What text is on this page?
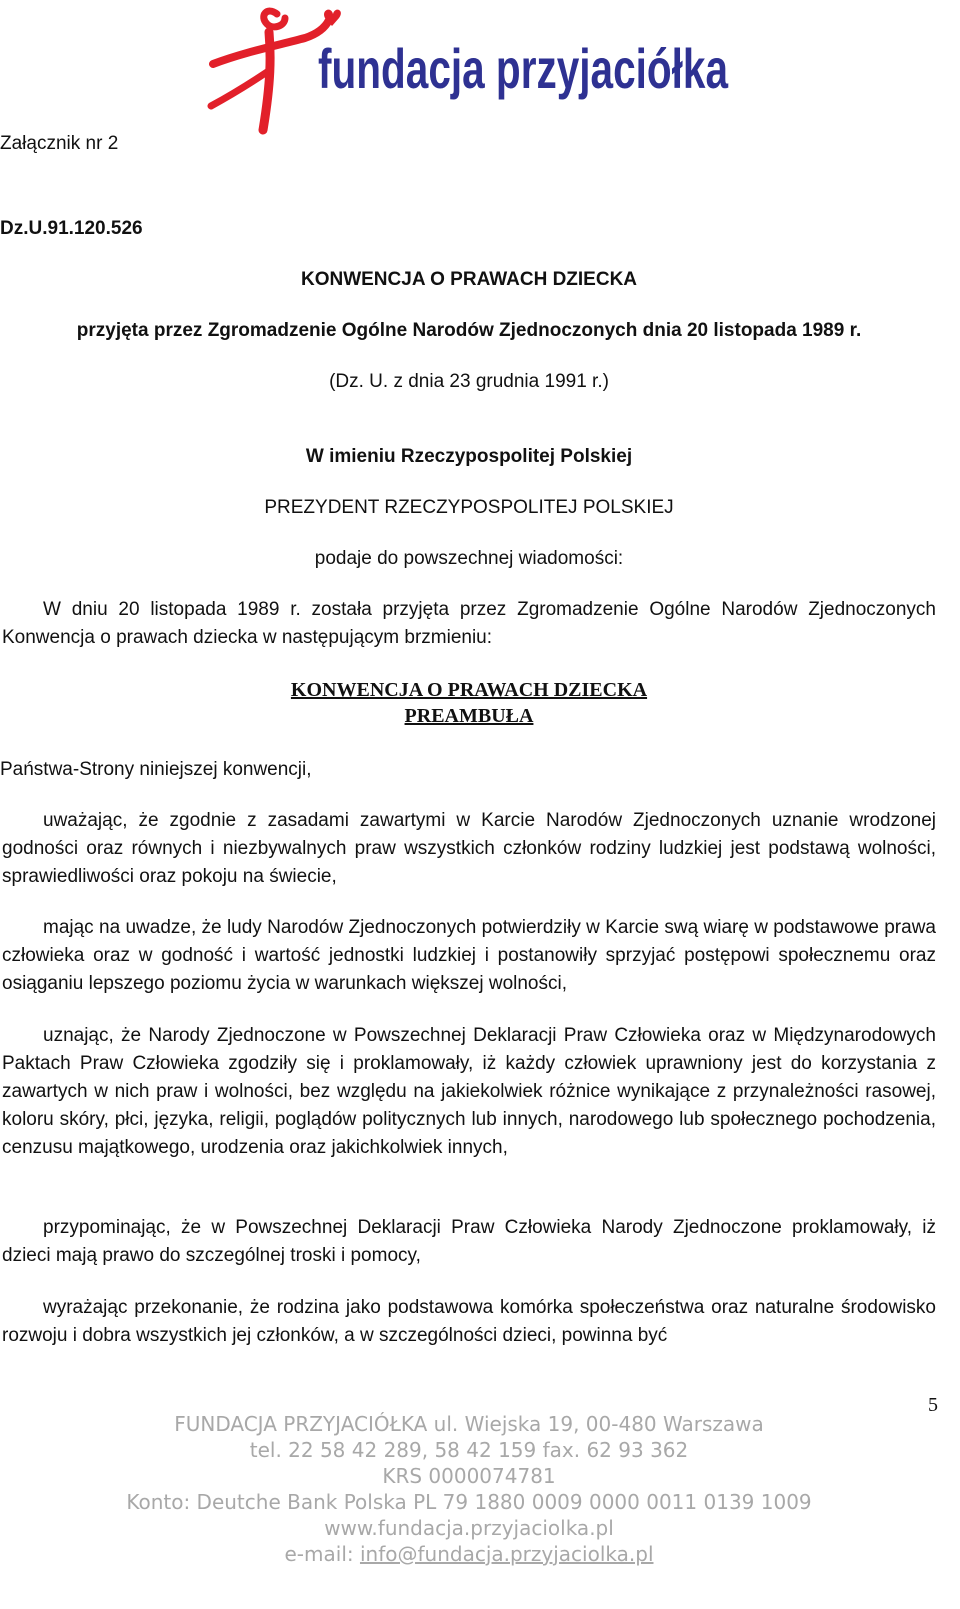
fundacja przyjaciółka
Załącznik nr 2
Dz.U.91.120.526
KONWENCJA O PRAWACH DZIECKA
przyjęta przez Zgromadzenie Ogólne Narodów Zjednoczonych dnia 20 listopada 1989 r.
(Dz. U. z dnia 23 grudnia 1991 r.)
W imieniu Rzeczypospolitej Polskiej
PREZYDENT RZECZYPOSPOLITEJ POLSKIEJ
podaje do powszechnej wiadomości:
W dniu 20 listopada 1989 r. została przyjęta przez Zgromadzenie Ogólne Narodów Zjednoczonych Konwencja o prawach dziecka w następującym brzmieniu:
KONWENCJA O PRAWACH DZIECKA
PREAMBUŁA
Państwa-Strony niniejszej konwencji,
uważając, że zgodnie z zasadami zawartymi w Karcie Narodów Zjednoczonych uznanie wrodzonej godności oraz równych i niezbywalnych praw wszystkich członków rodziny ludzkiej jest podstawą wolności, sprawiedliwości oraz pokoju na świecie,
mając na uwadze, że ludy Narodów Zjednoczonych potwierdziły w Karcie swą wiarę w podstawowe prawa człowieka oraz w godność i wartość jednostki ludzkiej i postanowiły sprzyjać postępowi społecznemu oraz osiąganiu lepszego poziomu życia w warunkach większej wolności,
uznając, że Narody Zjednoczone w Powszechnej Deklaracji Praw Człowieka oraz w Międzynarodowych Paktach Praw Człowieka zgodziły się i proklamowały, iż każdy człowiek uprawniony jest do korzystania z zawartych w nich praw i wolności, bez względu na jakiekolwiek różnice wynikające z przynależności rasowej, koloru skóry, płci, języka, religii, poglądów politycznych lub innych, narodowego lub społecznego pochodzenia, cenzusu majątkowego, urodzenia oraz jakichkolwiek innych,
przypominając, że w Powszechnej Deklaracji Praw Człowieka Narody Zjednoczone proklamowały, iż dzieci mają prawo do szczególnej troski i pomocy,
wyrażając przekonanie, że rodzina jako podstawowa komórka społeczeństwa oraz naturalne środowisko rozwoju i dobra wszystkich jej członków, a w szczególności dzieci, powinna być
5
FUNDACJA PRZYJACIÓŁKA ul. Wiejska 19, 00-480 Warszawa
tel. 22 58 42 289, 58 42 159 fax. 62 93 362
KRS 0000074781
Konto: Deutche Bank Polska PL 79 1880 0009 0000 0011 0139 1009
www.fundacja.przyjaciolka.pl
e-mail: info@fundacja.przyjaciolka.pl
